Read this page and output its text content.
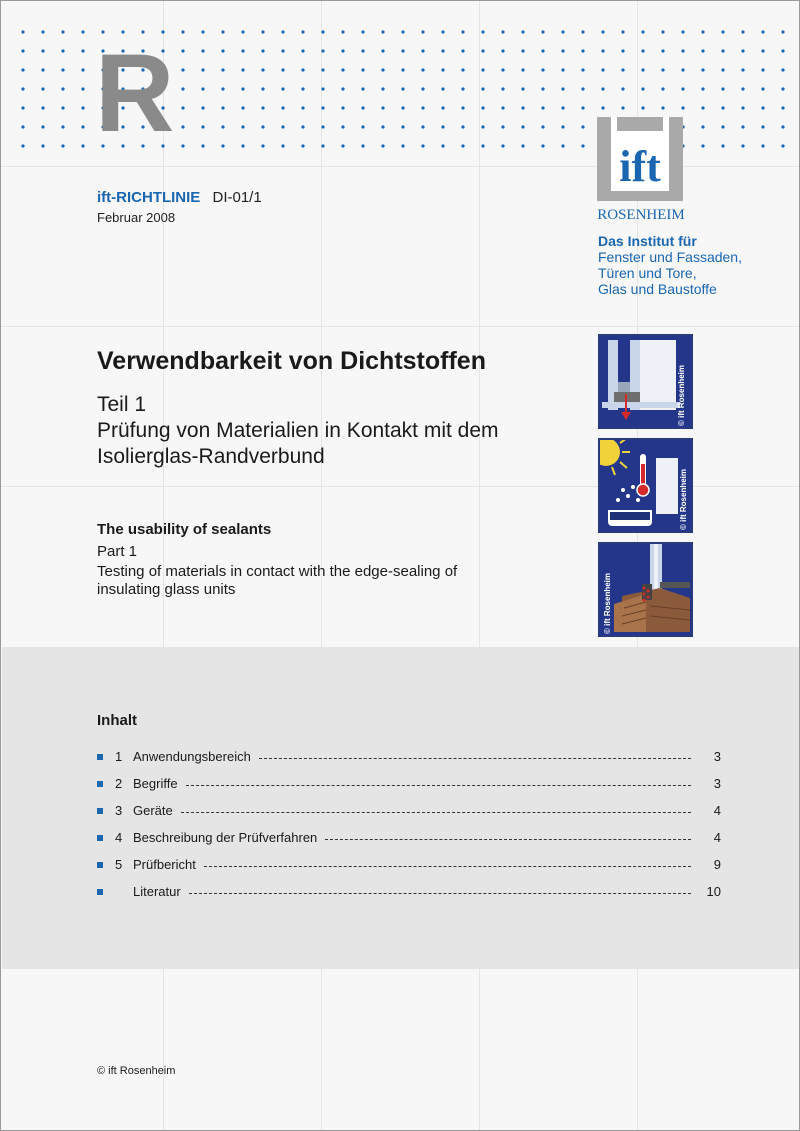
R
ift-RICHTLINIE DI-01/1
Februar 2008
ift
ROSENHEIM
Das Institut für
Fenster und Fassaden,
Türen und Tore,
Glas und Baustoffe
Verwendbarkeit von Dichtstoffen
Teil 1
Prüfung von Materialien in Kontakt mit dem Isolierglas-Randverbund
The usability of sealants
Part 1
Testing of materials in contact with the edge-sealing of insulating glass units
© ift Rosenheim
© ift Rosenheim
© ift Rosenheim
Inhalt
1 Anwendungsbereich	3
2 Begriffe	3
3 Geräte	4
4 Beschreibung der Prüfverfahren	4
5 Prüfbericht	9
Literatur	10
© ift Rosenheim
